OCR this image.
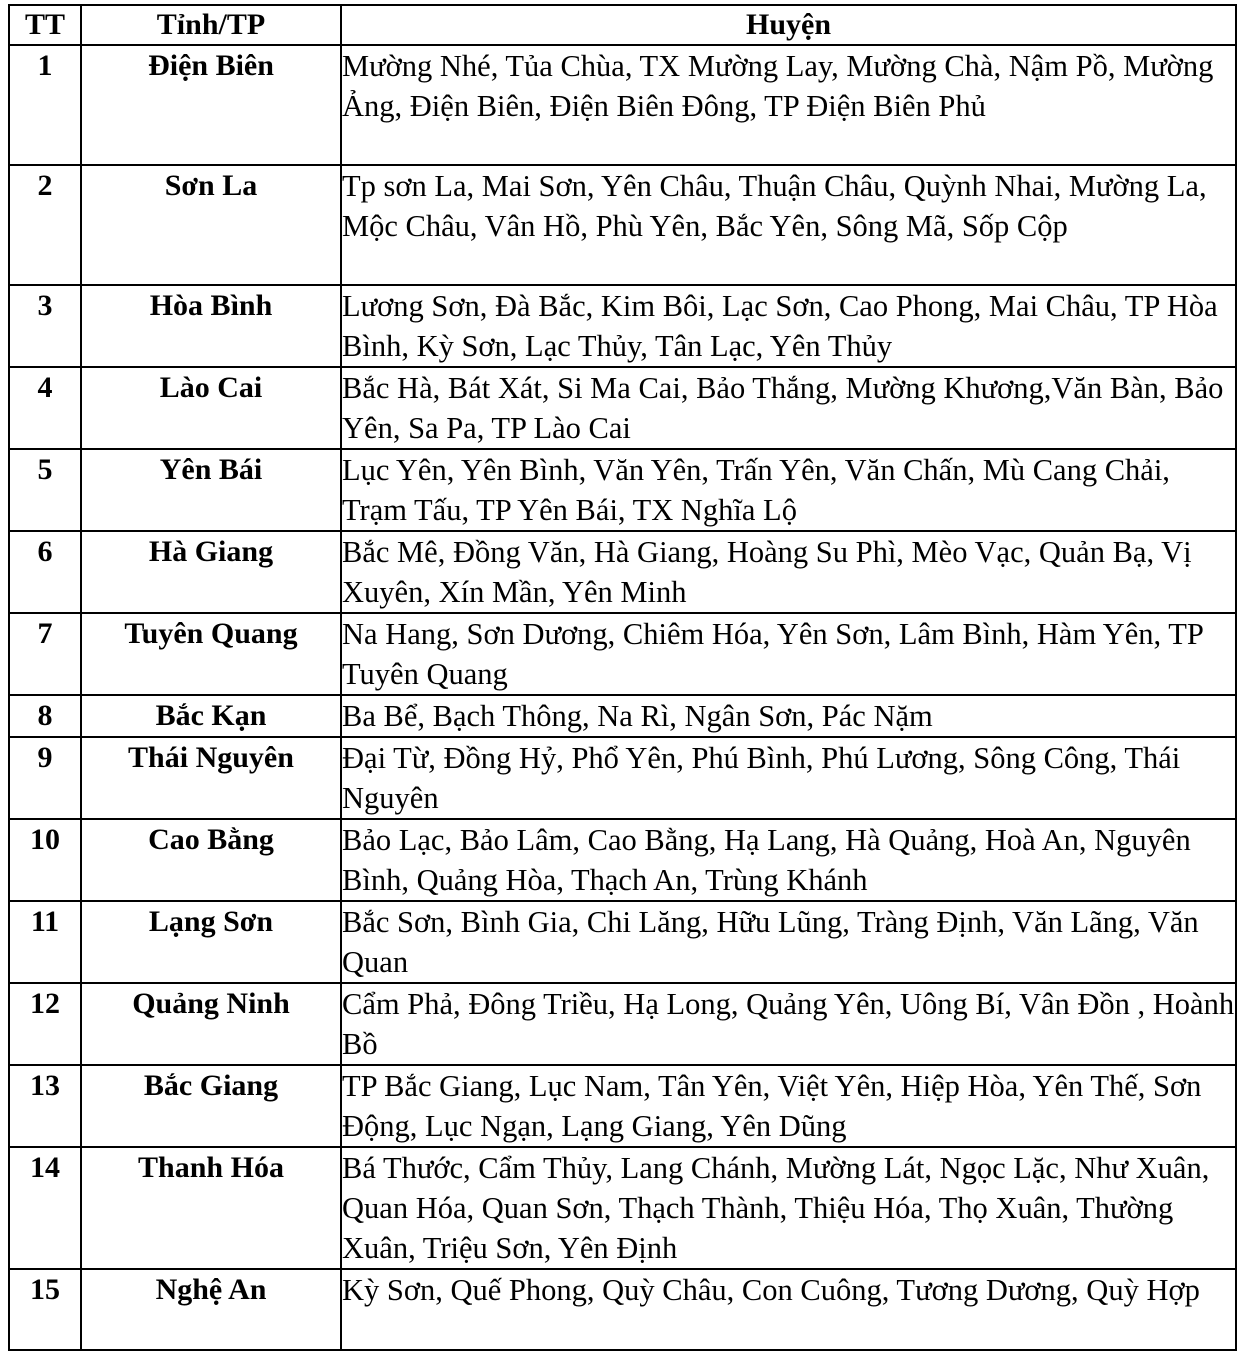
TT	Tỉnh/TP	Huyện
1	Điện Biên	Mường Nhé, Tủa Chùa, TX Mường Lay, Mường Chà, Nậm Pồ, Mường Ảng, Điện Biên, Điện Biên Đông, TP Điện Biên Phủ
2	Sơn La	Tp sơn La, Mai Sơn, Yên Châu, Thuận Châu, Quỳnh Nhai, Mường La, Mộc Châu, Vân Hồ, Phù Yên, Bắc Yên, Sông Mã, Sốp Cộp
3	Hòa Bình	Lương Sơn, Đà Bắc, Kim Bôi, Lạc Sơn, Cao Phong, Mai Châu, TP Hòa Bình, Kỳ Sơn, Lạc Thủy, Tân Lạc, Yên Thủy
4	Lào Cai	Bắc Hà, Bát Xát, Si Ma Cai, Bảo Thắng, Mường Khương,Văn Bàn, Bảo Yên, Sa Pa, TP Lào Cai
5	Yên Bái	Lục Yên, Yên Bình, Văn Yên, Trấn Yên, Văn Chấn, Mù Cang Chải, Trạm Tấu, TP Yên Bái, TX Nghĩa Lộ
6	Hà Giang	Bắc Mê, Đồng Văn, Hà Giang, Hoàng Su Phì, Mèo Vạc, Quản Bạ, Vị Xuyên, Xín Mần, Yên Minh
7	Tuyên Quang	Na Hang, Sơn Dương, Chiêm Hóa, Yên Sơn, Lâm Bình, Hàm Yên, TP Tuyên Quang
8	Bắc Kạn	Ba Bể, Bạch Thông, Na Rì, Ngân Sơn, Pác Nặm
9	Thái Nguyên	Đại Từ, Đồng Hỷ, Phổ Yên, Phú Bình, Phú Lương, Sông Công, Thái Nguyên
10	Cao Bằng	Bảo Lạc, Bảo Lâm, Cao Bằng, Hạ Lang, Hà Quảng, Hoà An, Nguyên Bình, Quảng Hòa, Thạch An, Trùng Khánh
11	Lạng Sơn	Bắc Sơn, Bình Gia, Chi Lăng, Hữu Lũng, Tràng Định, Văn Lãng, Văn Quan
12	Quảng Ninh	Cẩm Phả, Đông Triều, Hạ Long, Quảng Yên, Uông Bí, Vân Đồn , Hoành Bồ
13	Bắc Giang	TP Bắc Giang, Lục Nam, Tân Yên, Việt Yên, Hiệp Hòa, Yên Thế, Sơn Động, Lục Ngạn, Lạng Giang, Yên Dũng
14	Thanh Hóa	Bá Thước, Cẩm Thủy, Lang Chánh, Mường Lát, Ngọc Lặc, Như Xuân, Quan Hóa, Quan Sơn, Thạch Thành, Thiệu Hóa, Thọ Xuân, Thường Xuân, Triệu Sơn, Yên Định
15	Nghệ An	Kỳ Sơn, Quế Phong, Quỳ Châu, Con Cuông, Tương Dương, Quỳ Hợp
